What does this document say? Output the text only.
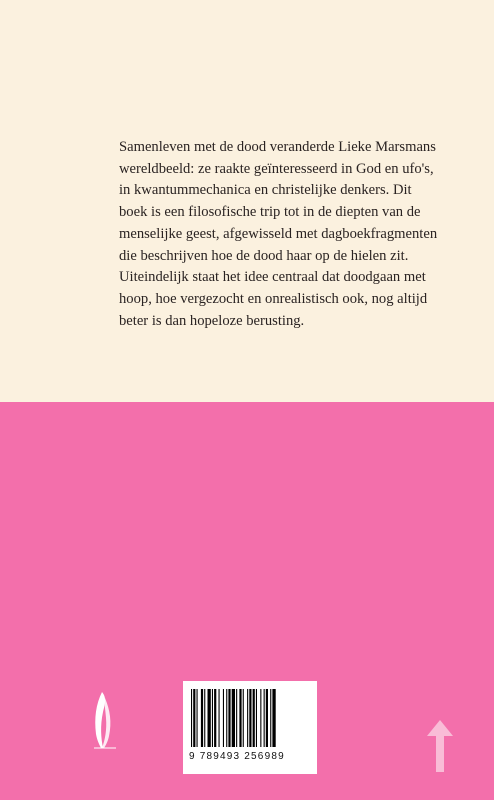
Samenleven met de dood veranderde Lieke Marsmans
wereldbeeld: ze raakte geïnteresseerd in God en ufo's,
in kwantummechanica en christelijke denkers. Dit
boek is een filosofische trip tot in de diepten van de
menselijke geest, afgewisseld met dagboekfragmenten
die beschrijven hoe de dood haar op de hielen zit.
Uiteindelijk staat het idee centraal dat doodgaan met
hoop, hoe vergezocht en onrealistisch ook, nog altijd
beter is dan hopeloze berusting.
9 789493 256989
